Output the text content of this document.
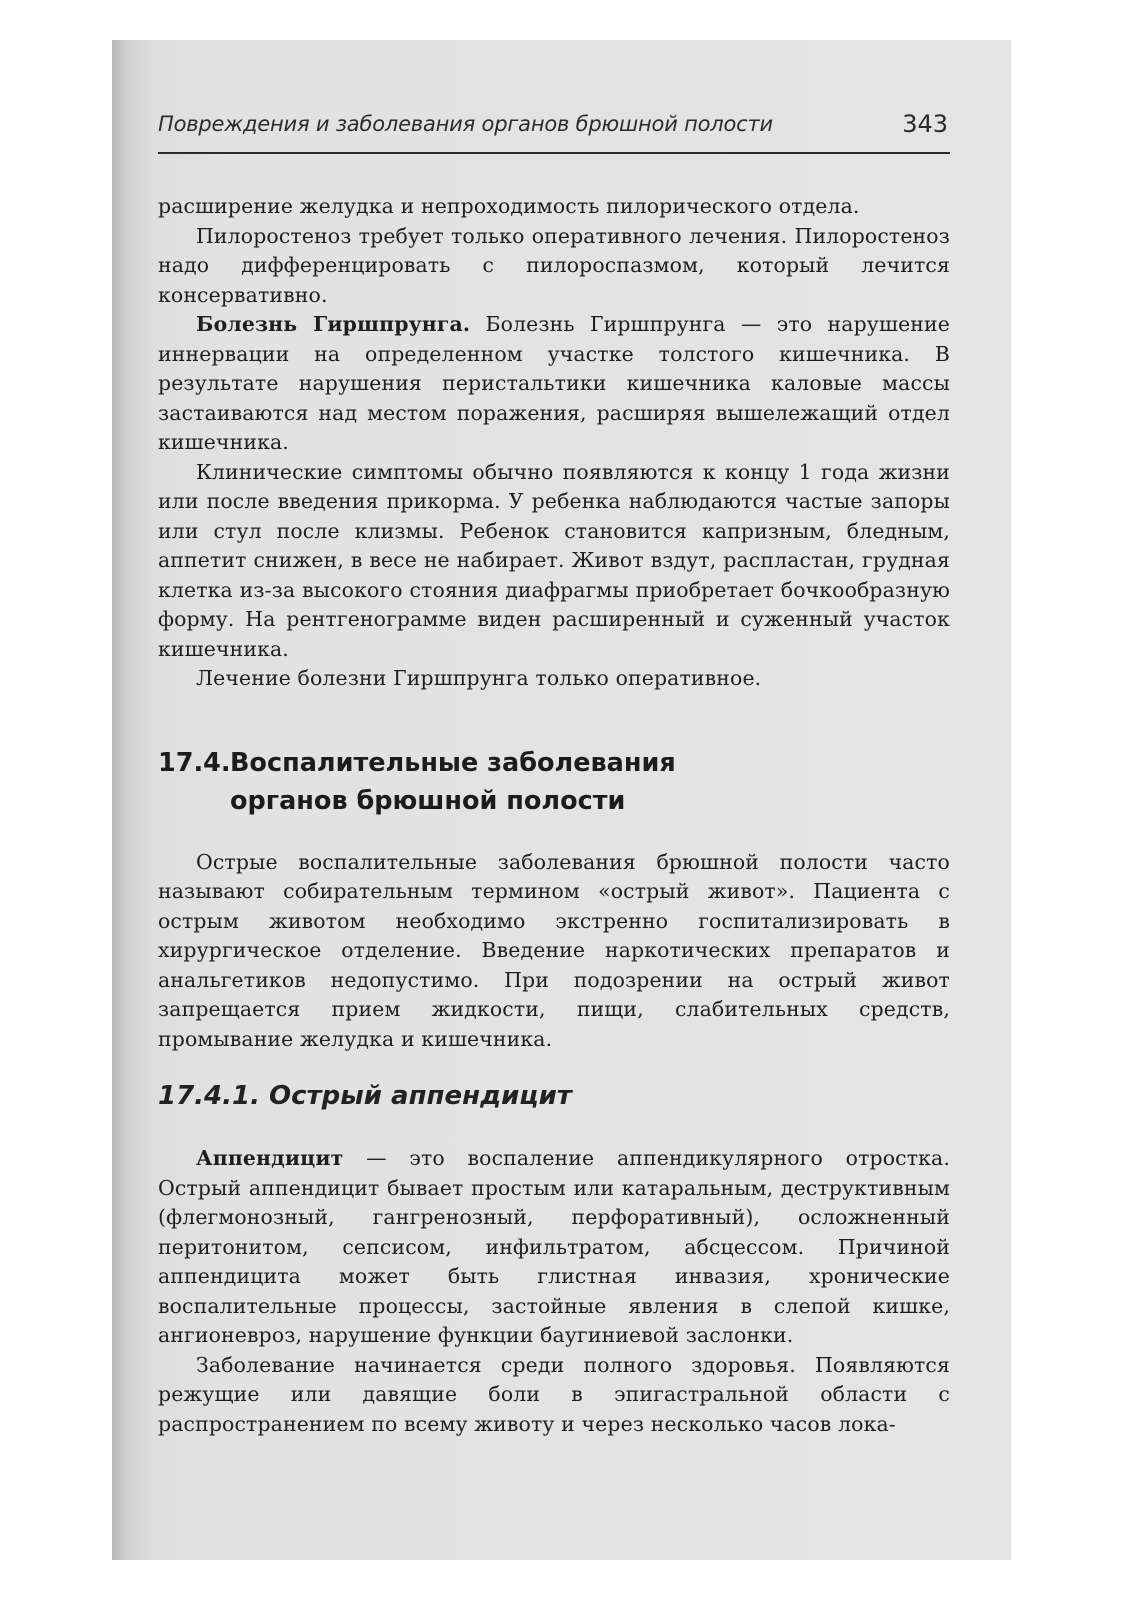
Повреждения и заболевания органов брюшной полости	343

расширение желудка и непроходимость пилорического отдела.

Пилоростеноз требует только оперативного лечения. Пилоростеноз надо дифференцировать с пилороспазмом, который лечится консервативно.

Болезнь Гиршпрунга. Болезнь Гиршпрунга — это нарушение иннервации на определенном участке толстого кишечника. В результате нарушения перистальтики кишечника каловые массы застаиваются над местом поражения, расширяя вышележащий отдел кишечника.

Клинические симптомы обычно появляются к концу 1 года жизни или после введения прикорма. У ребенка наблюдаются частые запоры или стул после клизмы. Ребенок становится капризным, бледным, аппетит снижен, в весе не набирает. Живот вздут, распластан, грудная клетка из-за высокого стояния диафрагмы приобретает бочкообразную форму. На рентгенограмме виден расширенный и суженный участок кишечника.

Лечение болезни Гиршпрунга только оперативное.

17.4.Воспалительные заболевания
органов брюшной полости

Острые воспалительные заболевания брюшной полости часто называют собирательным термином «острый живот». Пациента с острым животом необходимо экстренно госпитализировать в хирургическое отделение. Введение наркотических препаратов и анальгетиков недопустимо. При подозрении на острый живот запрещается прием жидкости, пищи, слабительных средств, промывание желудка и кишечника.

17.4.1. Острый аппендицит

Аппендицит — это воспаление аппендикулярного отростка. Острый аппендицит бывает простым или катаральным, деструктивным (флегмонозный, гангренозный, перфоративный), осложненный перитонитом, сепсисом, инфильтратом, абсцессом. Причиной аппендицита может быть глистная инвазия, хронические воспалительные процессы, застойные явления в слепой кишке, ангионевроз, нарушение функции баугиниевой заслонки.

Заболевание начинается среди полного здоровья. Появляются режущие или давящие боли в эпигастральной области с распространением по всему животу и через несколько часов лока-
